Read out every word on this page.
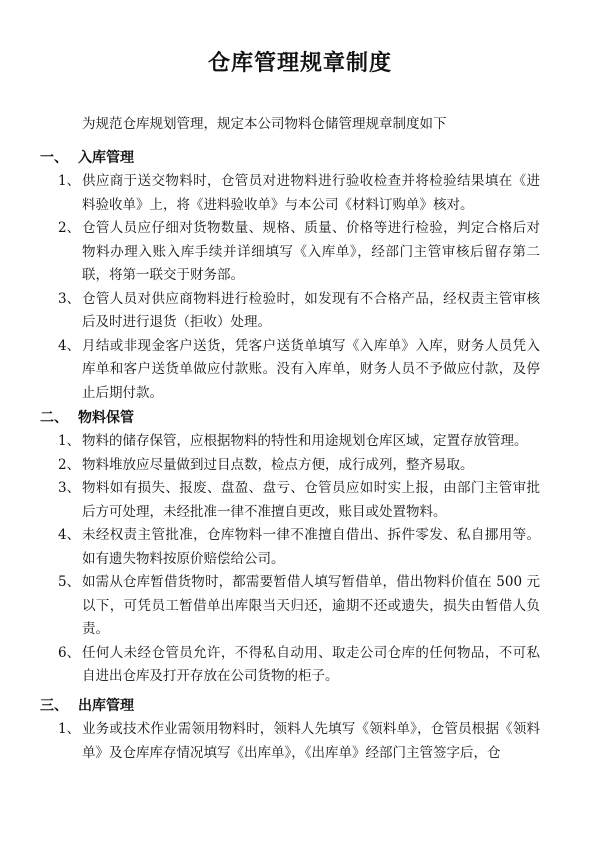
仓库管理规章制度
为规范仓库规划管理，规定本公司物料仓储管理规章制度如下
一、 入库管理
1、 供应商于送交物料时，仓管员对进物料进行验收检查并将检验结果填在《进料验收单》上，将《进料验收单》与本公司《材料订购单》核对。
2、 仓管人员应仔细对货物数量、规格、质量、价格等进行检验，判定合格后对物料办理入账入库手续并详细填写《入库单》，经部门主管审核后留存第二联，将第一联交于财务部。
3、 仓管人员对供应商物料进行检验时，如发现有不合格产品，经权责主管审核后及时进行退货（拒收）处理。
4、 月结或非现金客户送货，凭客户送货单填写《入库单》入库，财务人员凭入库单和客户送货单做应付款账。没有入库单，财务人员不予做应付款，及停止后期付款。
二、 物料保管
1、 物料的储存保管，应根据物料的特性和用途规划仓库区域，定置存放管理。
2、 物料堆放应尽量做到过目点数，检点方便，成行成列，整齐易取。
3、 物料如有损失、报废、盘盈、盘亏、仓管员应如时实上报，由部门主管审批后方可处理，未经批准一律不准擅自更改，账目或处置物料。
4、 未经权责主管批准，仓库物料一律不准擅自借出、拆件零发、私自挪用等。如有遗失物料按原价赔偿给公司。
5、 如需从仓库暂借货物时，都需要暂借人填写暂借单，借出物料价值在 500 元以下，可凭员工暂借单出库限当天归还，逾期不还或遗失，损失由暂借人负责。
6、 任何人未经仓管员允许，不得私自动用、取走公司仓库的任何物品，不可私自进出仓库及打开存放在公司货物的柜子。
三、 出库管理
1、 业务或技术作业需领用物料时，领料人先填写《领料单》，仓管员根据《领料单》及仓库库存情况填写《出库单》，《出库单》经部门主管签字后，仓
